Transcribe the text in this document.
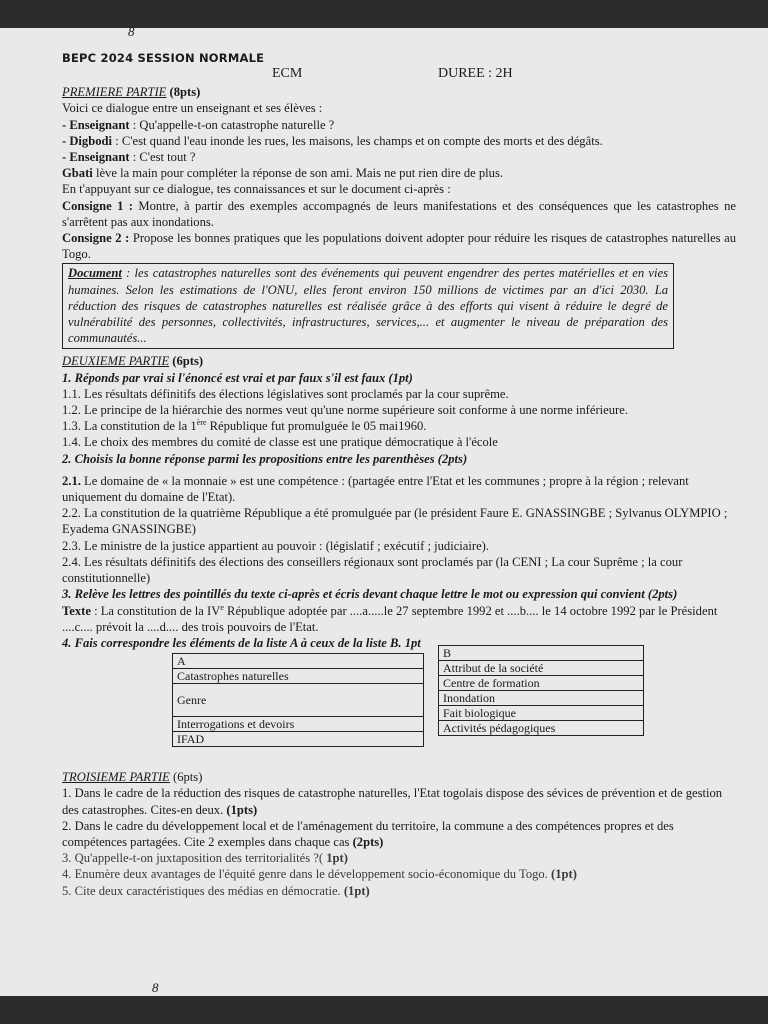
8
BEPC 2024 SESSION NORMALE
ECM	DUREE : 2H
PREMIERE PARTIE (8pts)
Voici ce dialogue entre un enseignant et ses élèves :
- Enseignant : Qu'appelle-t-on catastrophe naturelle ?
- Digbodi : C'est quand l'eau inonde les rues, les maisons, les champs et on compte des morts et des dégâts.
- Enseignant : C'est tout ?
Gbati lève la main pour compléter la réponse de son ami. Mais ne put rien dire de plus.
En t'appuyant sur ce dialogue, tes connaissances et sur le document ci-après :
Consigne 1 : Montre, à partir des exemples accompagnés de leurs manifestations et des conséquences que les catastrophes ne s'arrêtent pas aux inondations.
Consigne 2 : Propose les bonnes pratiques que les populations doivent adopter pour réduire les risques de catastrophes naturelles au Togo.
Document : les catastrophes naturelles sont des événements qui peuvent engendrer des pertes matérielles et en vies humaines. Selon les estimations de l'ONU, elles feront environ 150 millions de victimes par an d'ici 2030. La réduction des risques de catastrophes naturelles est réalisée grâce à des efforts qui visent à réduire le degré de vulnérabilité des personnes, collectivités, infrastructures, services,... et augmenter le niveau de préparation des communautés...
DEUXIEME PARTIE (6pts)
1. Réponds par vrai si l'énoncé est vrai et par faux s'il est faux (1pt)
1.1. Les résultats définitifs des élections législatives sont proclamés par la cour suprême.
1.2. Le principe de la hiérarchie des normes veut qu'une norme supérieure soit conforme à une norme inférieure.
1.3. La constitution de la 1ère République fut promulguée le 05 mai1960.
1.4. Le choix des membres du comité de classe est une pratique démocratique à l'école
2. Choisis la bonne réponse parmi les propositions entre les parenthèses (2pts)
2.1. Le domaine de « la monnaie » est une compétence : (partagée entre l'Etat et les communes ; propre à la région ; relevant uniquement du domaine de l'Etat).
2.2. La constitution de la quatrième République a été promulguée par (le président Faure E. GNASSINGBE ; Sylvanus OLYMPIO ; Eyadema GNASSINGBE)
2.3. Le ministre de la justice appartient au pouvoir : (législatif ; exécutif ; judiciaire).
2.4. Les résultats définitifs des élections des conseillers régionaux sont proclamés par (la CENI ; La cour Suprême ; la cour constitutionnelle)
3. Relève les lettres des pointillés du texte ci-après et écris devant chaque lettre le mot ou expression qui convient (2pts)
Texte : La constitution de la IVe République adoptée par ....a.....le 27 septembre 1992 et ....b.... le 14 octobre 1992 par le Président ....c.... prévoit la ....d.... des trois pouvoirs de l'Etat.
4. Fais correspondre les éléments de la liste A à ceux de la liste B. 1pt
A
Catastrophes naturelles
Genre
Interrogations et devoirs
IFAD
B
Attribut de la société
Centre de formation
Inondation
Fait biologique
Activités pédagogiques
TROISIEME PARTIE (6pts)
1. Dans le cadre de la réduction des risques de catastrophe naturelles, l'Etat togolais dispose des sévices de prévention et de gestion des catastrophes. Cites-en deux. (1pts)
2. Dans le cadre du développement local et de l'aménagement du territoire, la commune a des compétences propres et des compétences partagées. Cite 2 exemples dans chaque cas (2pts)
3. Qu'appelle-t-on juxtaposition des territorialités ?( 1pt)
4. Enumère deux avantages de l'équité genre dans le développement socio-économique du Togo. (1pt)
5. Cite deux caractéristiques des médias en démocratie. (1pt)
8
